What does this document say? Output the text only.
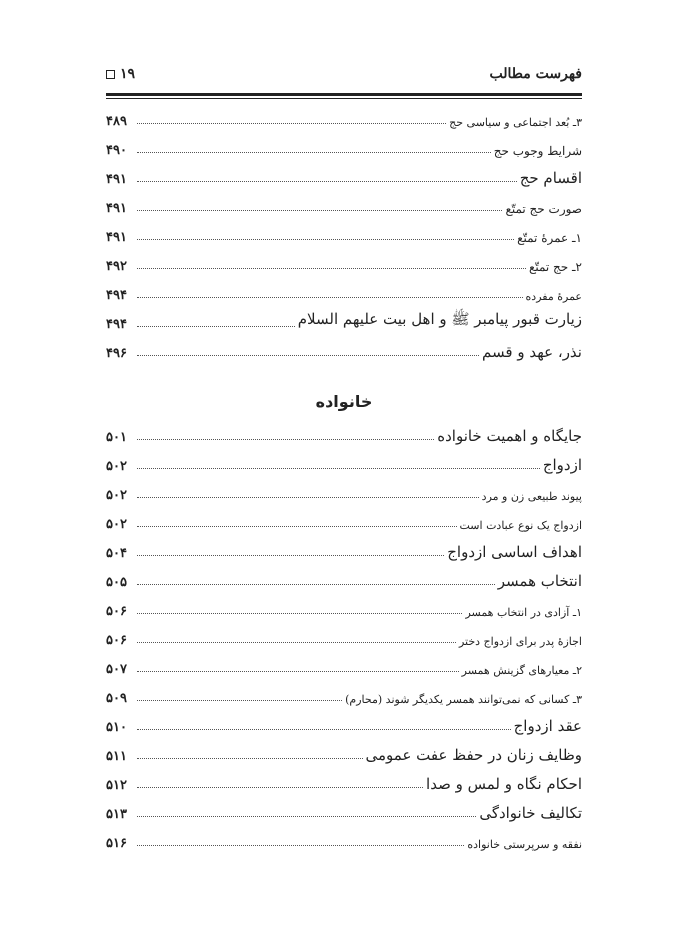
۱۹	فهرست مطالب
۳ـ بُعد اجتماعی و سیاسی حج
۴۸۹
شرایط وجوب حج
۴۹۰
اقسام حج
۴۹۱
صورت حج تمتّع
۴۹۱
۱ـ عمرهٔ تمتّع
۴۹۱
۲ـ حج تمتّع
۴۹۲
عمرهٔ مفرده
۴۹۴
زیارت قبور پیامبر ﷺ و اهل بیت علیهم السلام
۴۹۴
نذر، عهد و قسم
۴۹۶
خانواده
جایگاه و اهمیت خانواده
۵۰۱
ازدواج
۵۰۲
پیوند طبیعی زن و مرد
۵۰۲
ازدواج یک نوع عبادت است
۵۰۲
اهداف اساسی ازدواج
۵۰۴
انتخاب همسر
۵۰۵
۱ـ آزادی در انتخاب همسر
۵۰۶
اجازهٔ پدر برای ازدواج دختر
۵۰۶
۲ـ معیارهای گزینش همسر
۵۰۷
۳ـ کسانی که نمی‌توانند همسر یکدیگر شوند (محارم)
۵۰۹
عقد ازدواج
۵۱۰
وظایف زنان در حفظ عفت عمومی
۵۱۱
احکام نگاه و لمس و صدا
۵۱۲
تکالیف خانوادگی
۵۱۳
نفقه و سرپرستی خانواده
۵۱۶
